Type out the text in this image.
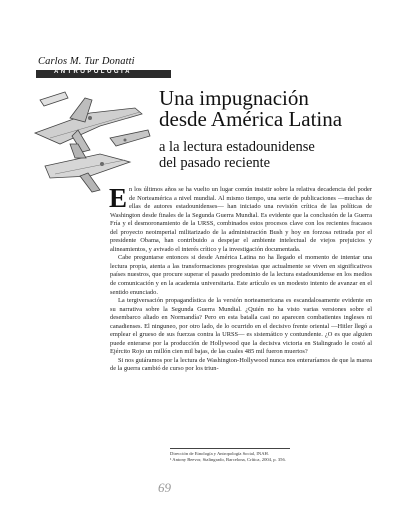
Carlos M. Tur Donatti
ANTROPOLOGÍA
Una impugnación
desde América Latina
a la lectura estadounidense
del pasado reciente

En los últimos años se ha vuelto un lugar común insistir sobre la relativa decadencia del poder de Norteamérica a nivel mundial. Al mismo tiempo, una serie de publicaciones —muchas de ellas de autores estadounidenses— han iniciado una revisión crítica de las políticas de Washington desde finales de la Segunda Guerra Mundial. Es evidente que la conclusión de la Guerra Fría y el desmoronamiento de la URSS, combinados estos procesos clave con los recientes fracasos del proyecto neoimperial militarizado de la administración Bush y hoy en forzosa retirada por el presidente Obama, han contribuido a despejar el ambiente intelectual de viejos prejuicios y alineamientos, y avivado el interés crítico y la investigación documentada.

Cabe preguntarse entonces si desde América Latina no ha llegado el momento de intentar una lectura propia, atenta a las transformaciones progresistas que actualmente se viven en significativos países nuestros, que procure superar el pasado predominio de la lectura estadounidense en los medios de comunicación y en la academia universitaria. Este artículo es un modesto intento de avanzar en el sentido enunciado.

La tergiversación propagandística de la versión norteamericana es escandalosamente evidente en su narrativa sobre la Segunda Guerra Mundial. ¿Quién no ha visto varias versiones sobre el desembarco aliado en Normandía? Pero en esta batalla casi no aparecen combatientes ingleses ni canadienses. El ninguneo, por otro lado, de lo ocurrido en el decisivo frente oriental —Hitler llegó a emplear el grueso de sus fuerzas contra la URSS— es sistemático y contundente. ¿O es que alguien puede enterarse por la producción de Hollywood que la decisiva victoria en Stalingrado le costó al Ejército Rojo un millón cien mil bajas, de las cuales 485 mil fueron muertos?

Si nos guiáramos por la lectura de Washington-Hollywood nunca nos enteraríamos de que la marea de la guerra cambió de curso por los triun-

Dirección de Etnología y Antropología Social, INAH.
¹ Antony Beevor, Stalingrado, Barcelona, Crítica, 2004, p. 356.
69
